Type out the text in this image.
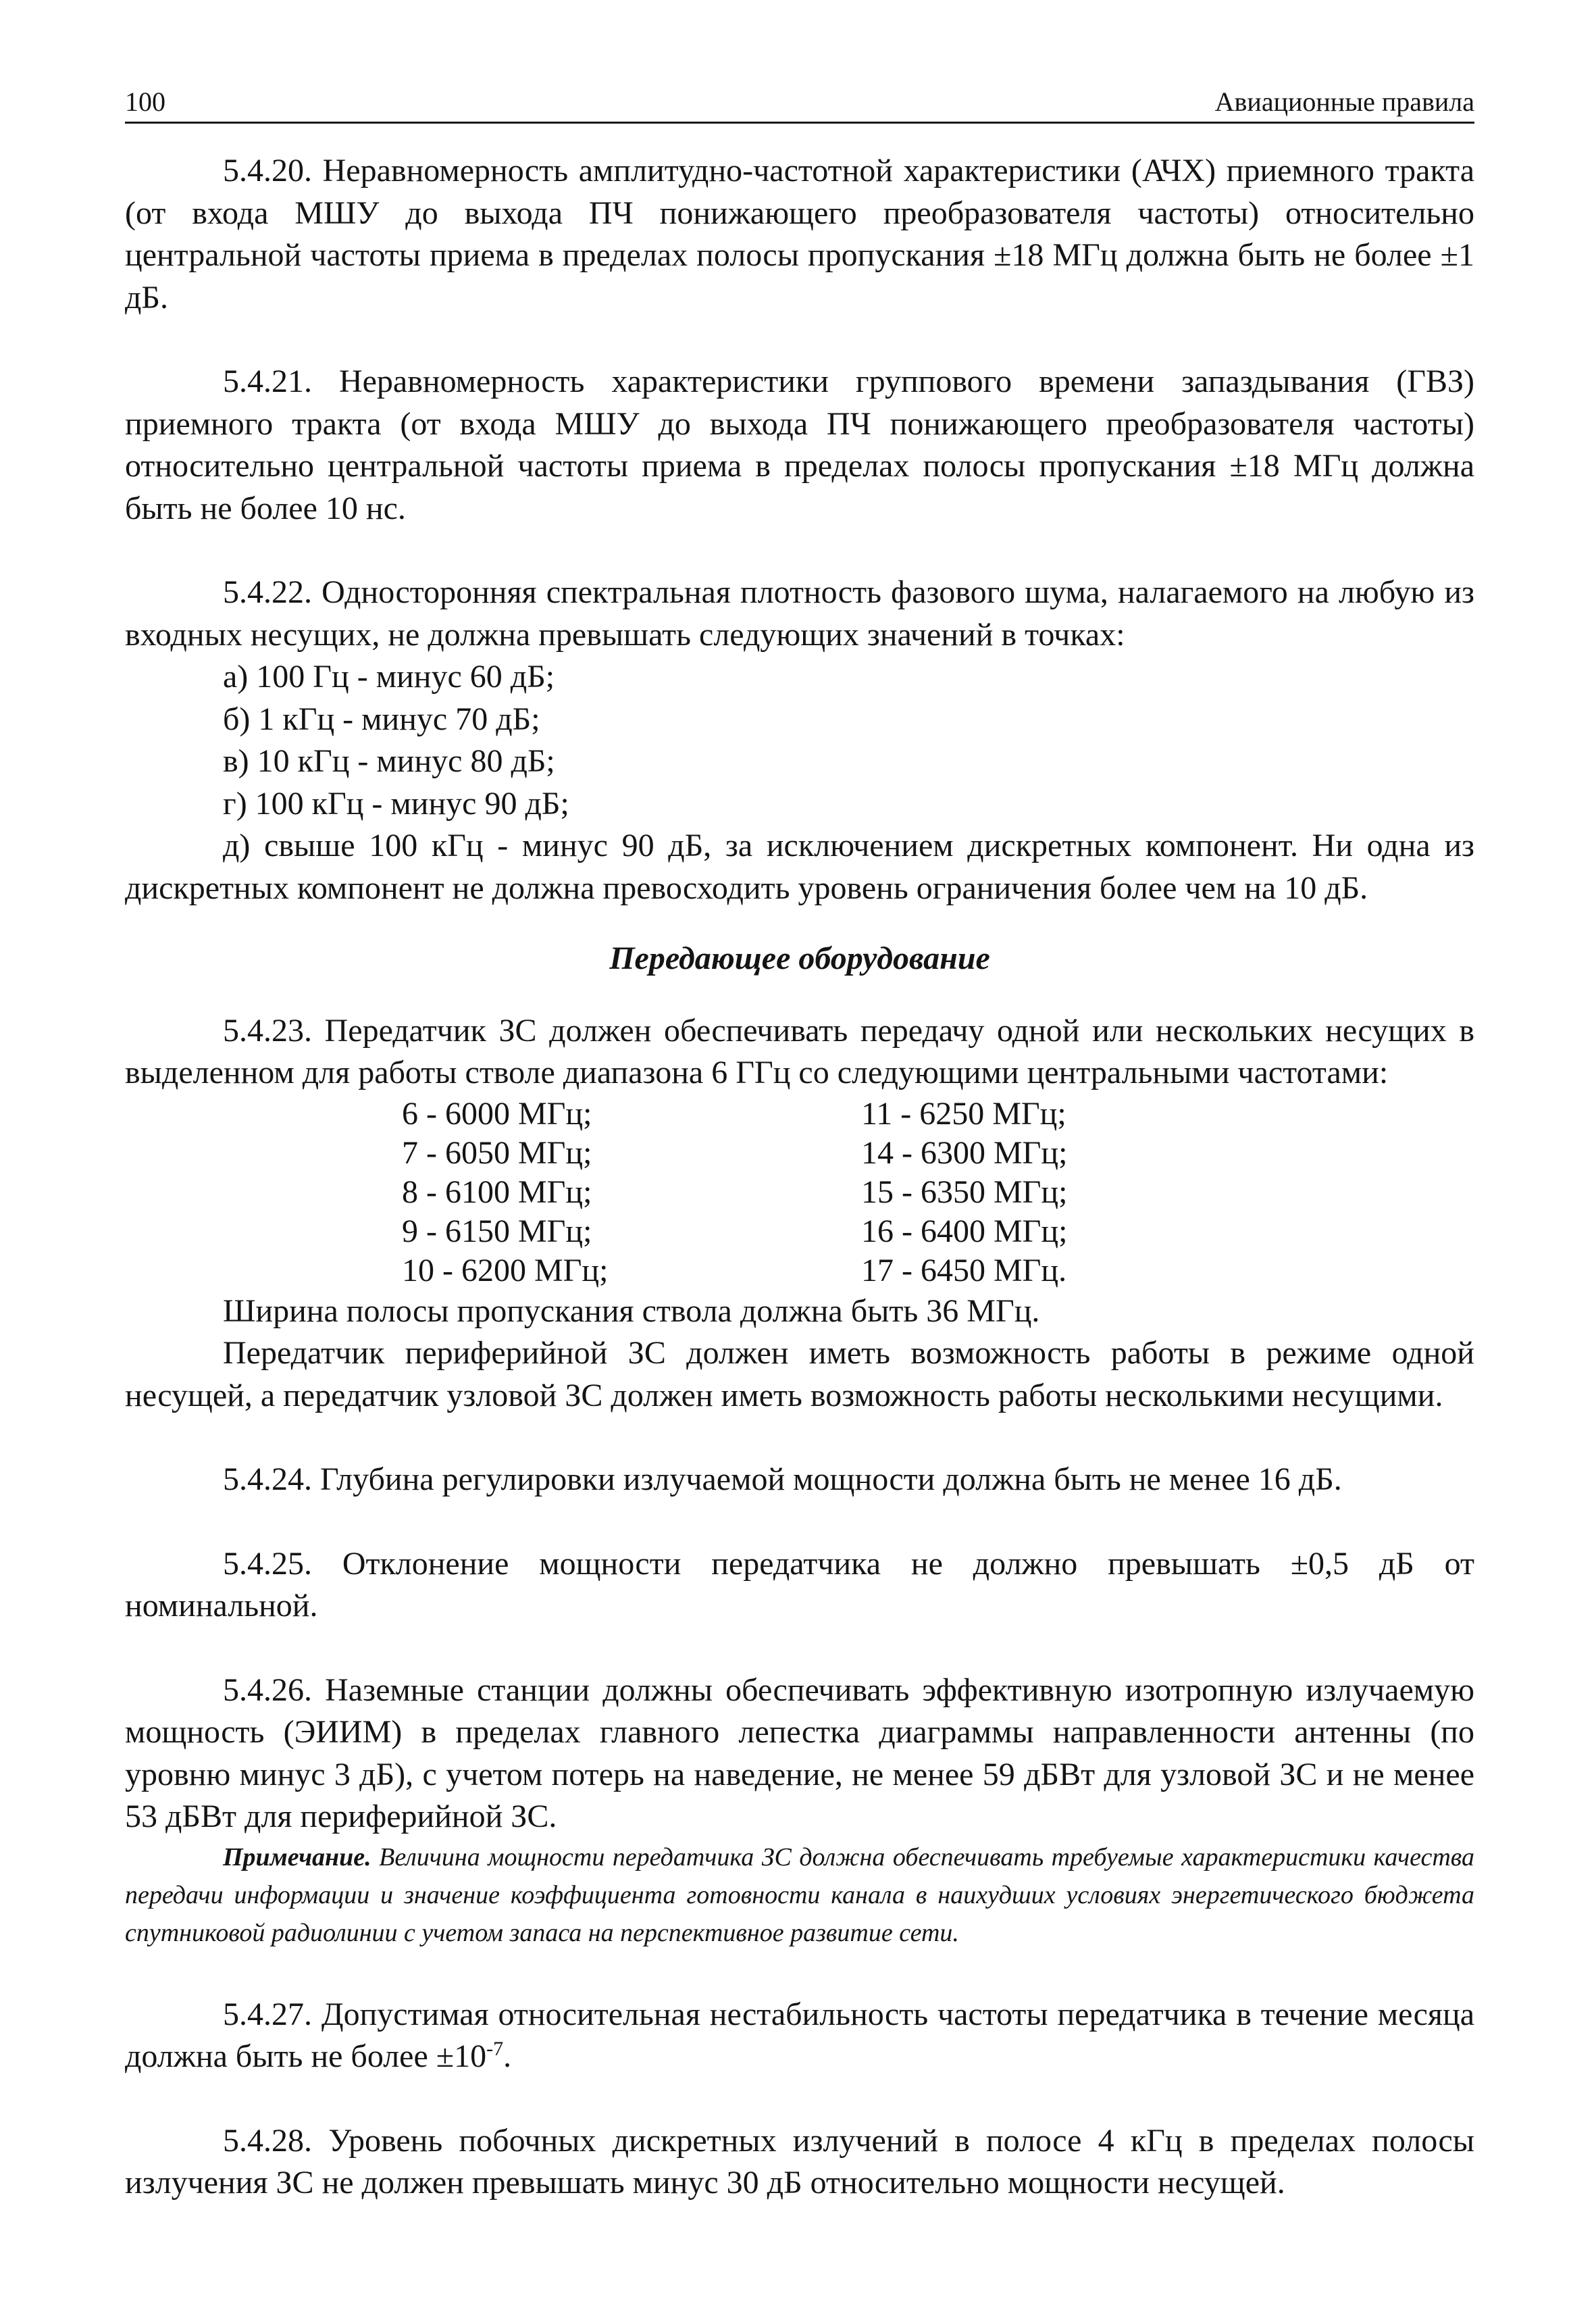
100	Авиационные правила

5.4.20. Неравномерность амплитудно-частотной характеристики (АЧХ) приемного тракта (от входа МШУ до выхода ПЧ понижающего преобразователя частоты) относительно центральной частоты приема в пределах полосы пропускания ±18 МГц должна быть не более ±1 дБ.

5.4.21. Неравномерность характеристики группового времени запаздывания (ГВЗ) приемного тракта (от входа МШУ до выхода ПЧ понижающего преобразователя частоты) относительно центральной частоты приема в пределах полосы пропускания ±18 МГц должна быть не более 10 нс.

5.4.22. Односторонняя спектральная плотность фазового шума, налагаемого на любую из входных несущих, не должна превышать следующих значений в точках:

а) 100 Гц - минус 60 дБ;

б) 1 кГц - минус 70 дБ;

в) 10 кГц - минус 80 дБ;

г) 100 кГц - минус 90 дБ;

д) свыше 100 кГц - минус 90 дБ, за исключением дискретных компонент. Ни одна из дискретных компонент не должна превосходить уровень ограничения более чем на 10 дБ.

Передающее оборудование

5.4.23. Передатчик ЗС должен обеспечивать передачу одной или нескольких несущих в выделенном для работы стволе диапазона 6 ГГц со следующими центральными частотами:

6 - 6000 МГц;	11 - 6250 МГц;
7 - 6050 МГц;	14 - 6300 МГц;
8 - 6100 МГц;	15 - 6350 МГц;
9 - 6150 МГц;	16 - 6400 МГц;
10 - 6200 МГц;	17 - 6450 МГц.

Ширина полосы пропускания ствола должна быть 36 МГц.

Передатчик периферийной ЗС должен иметь возможность работы в режиме одной несущей, а передатчик узловой ЗС должен иметь возможность работы несколькими несущими.

5.4.24. Глубина регулировки излучаемой мощности должна быть не менее 16 дБ.

5.4.25. Отклонение мощности передатчика не должно превышать ±0,5 дБ от номинальной.

5.4.26. Наземные станции должны обеспечивать эффективную изотропную излучаемую мощность (ЭИИМ) в пределах главного лепестка диаграммы направленности антенны (по уровню минус 3 дБ), с учетом потерь на наведение, не менее 59 дБВт для узловой ЗС и не менее 53 дБВт для периферийной ЗС.

Примечание. Величина мощности передатчика ЗС должна обеспечивать требуемые характеристики качества передачи информации и значение коэффициента готовности канала в наихудших условиях энергетического бюджета спутниковой радиолинии с учетом запаса на перспективное развитие сети.

5.4.27. Допустимая относительная нестабильность частоты передатчика в течение месяца должна быть не более $\pm 10^{-7}$.

5.4.28. Уровень побочных дискретных излучений в полосе 4 кГц в пределах полосы излучения ЗС не должен превышать минус 30 дБ относительно мощности несущей.
